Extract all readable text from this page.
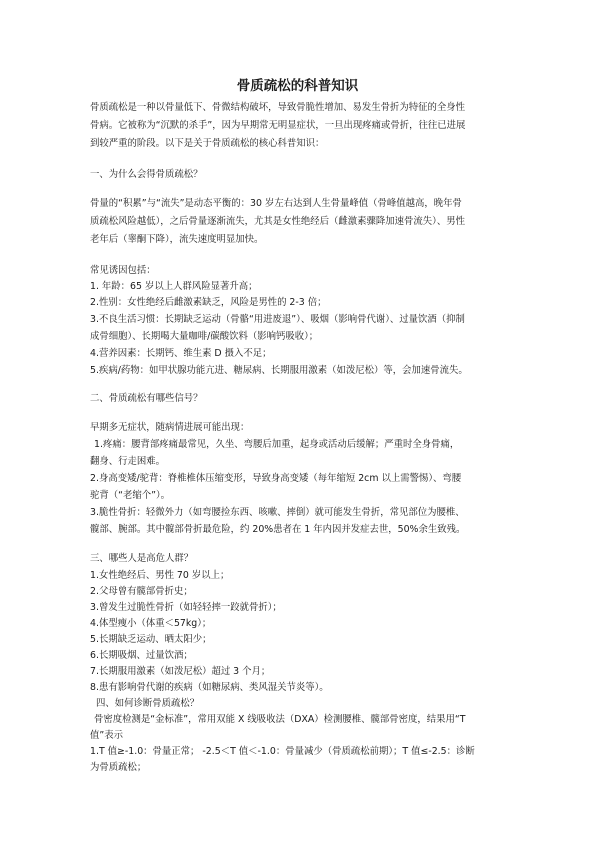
骨质疏松的科普知识

骨质疏松是一种以骨量低下、骨微结构破坏，导致骨脆性增加、易发生骨折为特征的全身性

骨病。它被称为“沉默的杀手”，因为早期常无明显症状，一旦出现疼痛或骨折，往往已进展

到较严重的阶段。以下是关于骨质疏松的核心科普知识：

一、为什么会得骨质疏松？

骨量的“积累”与“流失”是动态平衡的：30 岁左右达到人生骨量峰值（骨峰值越高，晚年骨

质疏松风险越低），之后骨量逐渐流失，尤其是女性绝经后（雌激素骤降加速骨流失）、男性

老年后（睾酮下降），流失速度明显加快。

常见诱因包括：

1. 年龄：65 岁以上人群风险显著升高；

2.性别：女性绝经后雌激素缺乏，风险是男性的 2-3 倍；

3.不良生活习惯：长期缺乏运动（骨骼“用进废退”）、吸烟（影响骨代谢）、过量饮酒（抑制

成骨细胞）、长期喝大量咖啡/碳酸饮料（影响钙吸收）；

4.营养因素：长期钙、维生素 D 摄入不足；

5.疾病/药物：如甲状腺功能亢进、糖尿病、长期服用激素（如泼尼松）等，会加速骨流失。

二、骨质疏松有哪些信号？

早期多无症状，随病情进展可能出现：

1.疼痛：腰背部疼痛最常见，久坐、弯腰后加重，起身或活动后缓解；严重时全身骨痛，

翻身、行走困难。

2.身高变矮/驼背：脊椎椎体压缩变形，导致身高变矮（每年缩短 2cm 以上需警惕）、弯腰

驼背（“老缩个”）。

3.脆性骨折：轻微外力（如弯腰捡东西、咳嗽、摔倒）就可能发生骨折，常见部位为腰椎、

髋部、腕部。其中髋部骨折最危险，约 20%患者在 1 年内因并发症去世，50%余生致残。

三、哪些人是高危人群？

1.女性绝经后、男性 70 岁以上；

2.父母曾有髋部骨折史；

3.曾发生过脆性骨折（如轻轻摔一跤就骨折）；

4.体型瘦小（体重＜57kg）；

5.长期缺乏运动、晒太阳少；

6.长期吸烟、过量饮酒；

7.长期服用激素（如泼尼松）超过 3 个月；

8.患有影响骨代谢的疾病（如糖尿病、类风湿关节炎等）。

四、如何诊断骨质疏松？

骨密度检测是“金标准”，常用双能 X 线吸收法（DXA）检测腰椎、髋部骨密度，结果用“T

值”表示

1.T 值≥-1.0：骨量正常； -2.5＜T 值＜-1.0：骨量减少（骨质疏松前期）；T 值≤-2.5：诊断

为骨质疏松；
